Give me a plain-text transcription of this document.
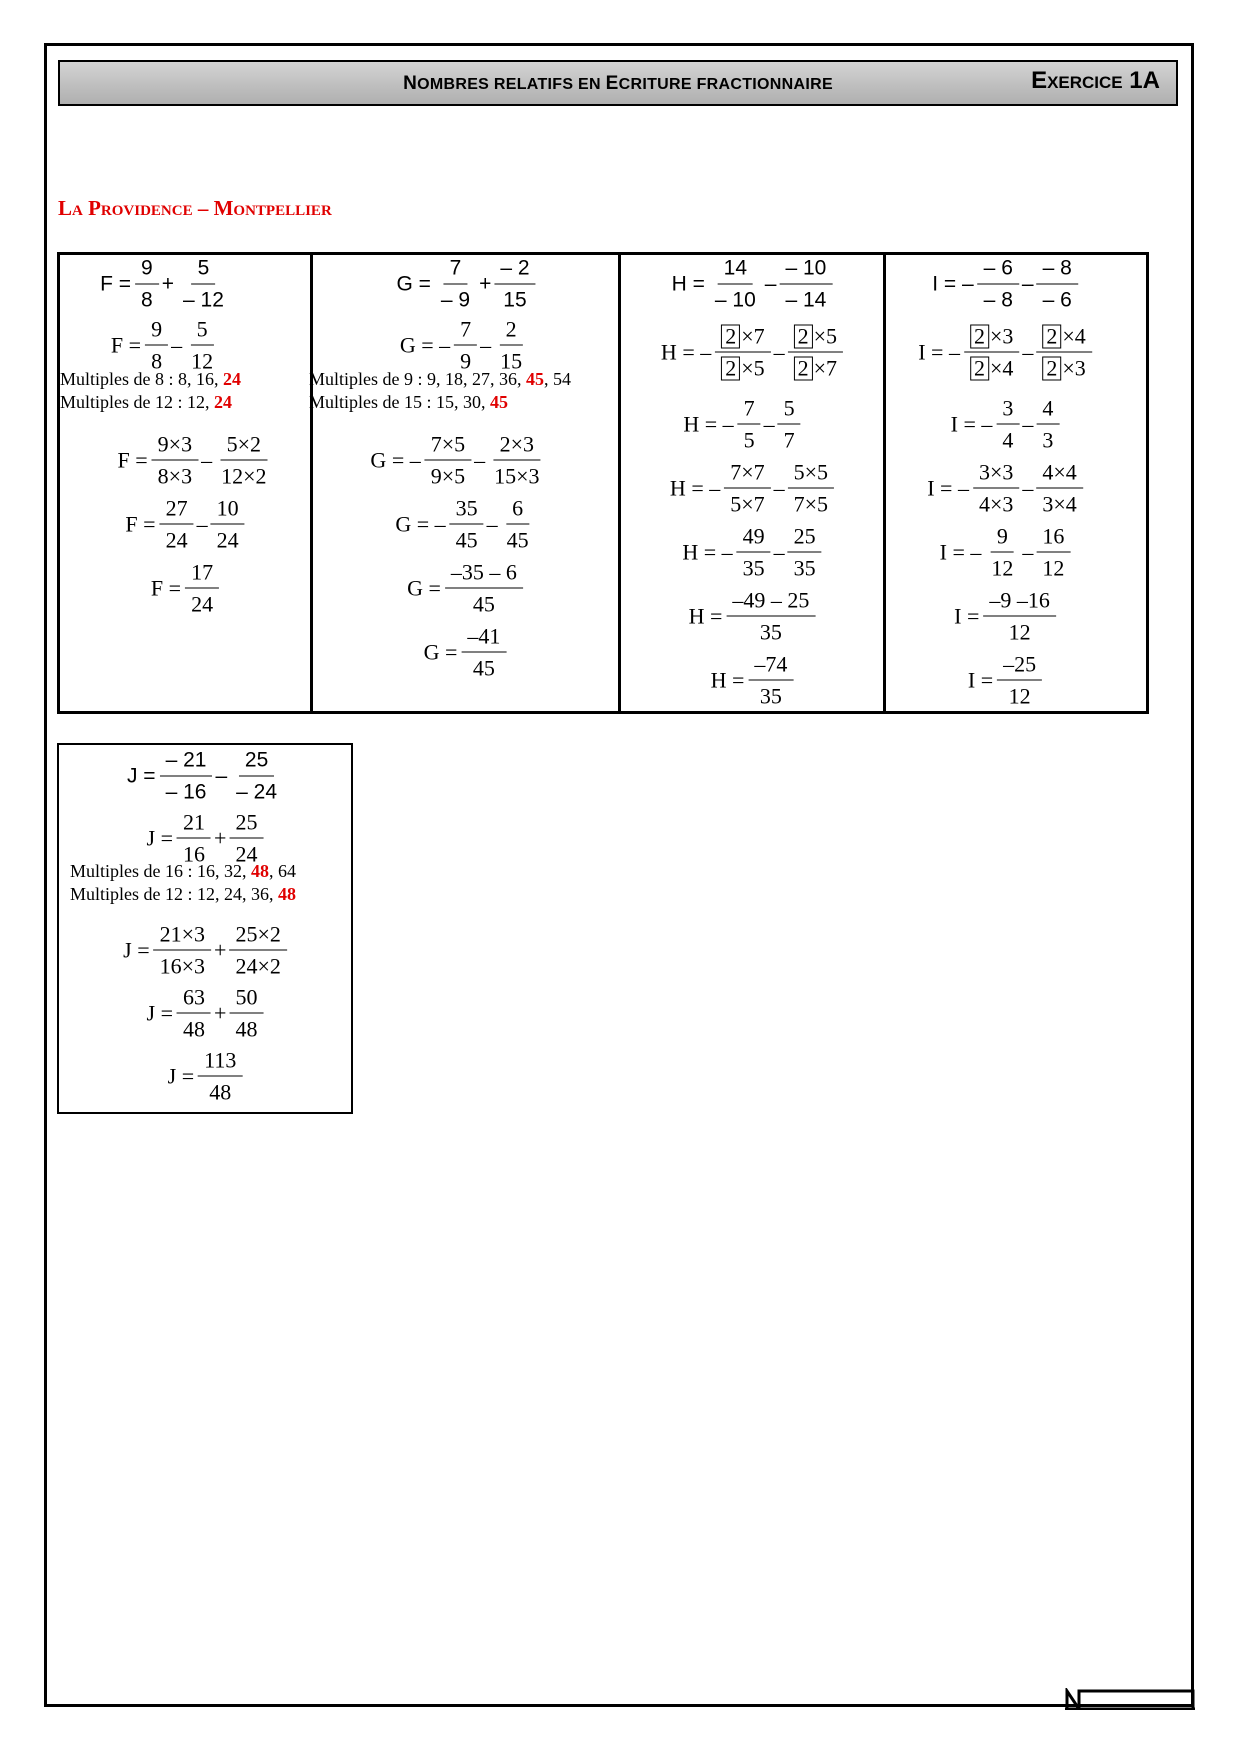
NOMBRES RELATIFS EN ECRITURE FRACTIONNAIRE	Exercice 1A
La Providence – Montpellier
$F = \frac{9}{8} + \frac{5}{- 12}$
$F = \frac{9}{8} - \frac{5}{12}$
$F = \frac{9\times 3}{8\times 3} - \frac{5\times 2}{12\times 2}$
$F = \frac{27}{24} - \frac{10}{24}$
$F = \frac{17}{24}$
$G = \frac{7}{- 9} + \frac{- 2}{15}$
G = – $\frac{7}{9} - \frac{2}{15}$
G = – $\frac{7\times 5}{9\times 5} - \frac{2\times 3}{15\times 3}$
G = – $\frac{35}{45} - \frac{6}{45}$
$G = \frac{-35 - 6}{45}$
$G = \frac{-41}{45}$
$H = \frac{14}{- 10} - \frac{- 10}{- 14}$
H = – $\frac{7}{5} - \frac{5}{7}$
H = – $\frac{7\times 7}{5\times 7} - \frac{5\times 5}{7\times 5}$
H = – $\frac{49}{35} - \frac{25}{35}$
$H = \frac{-49 - 25}{35}$
$H = \frac{-74}{35}$
I = – $\frac{- 6}{- 8} - \frac{- 8}{- 6}$
I = – $\frac{3}{4} - \frac{4}{3}$
I = – $\frac{3\times 3}{4\times 3} - \frac{4\times 4}{3\times 4}$
I = – $\frac{9}{12} - \frac{16}{12}$
$I = \frac{-9 -16}{12}$
$I = \frac{-25}{12}$
$J = \frac{- 21}{- 16} - \frac{25}{- 24}$
$J = \frac{21}{16} + \frac{25}{24}$
$J = \frac{21\times 3}{16\times 3} + \frac{25\times 2}{24\times 2}$
$J = \frac{63}{48} + \frac{50}{48}$
$J = \frac{113}{48}$
H = – $\frac{2 \times 7}{2 \times 5} - \frac{2 \times 5}{2 \times 7}$	I = – $\frac{2 \times 3}{2 \times 4} - \frac{2 \times 4}{2 \times 3}$
Multiples de 8 : 8, 16, 24
Multiples de 12 : 12, 24
Multiples de 9 : 9, 18, 27, 36, 45, 54
Multiples de 15 : 15, 30, 45
Multiples de 16 : 16, 32, 48, 64
Multiples de 12 : 12, 24, 36, 48
